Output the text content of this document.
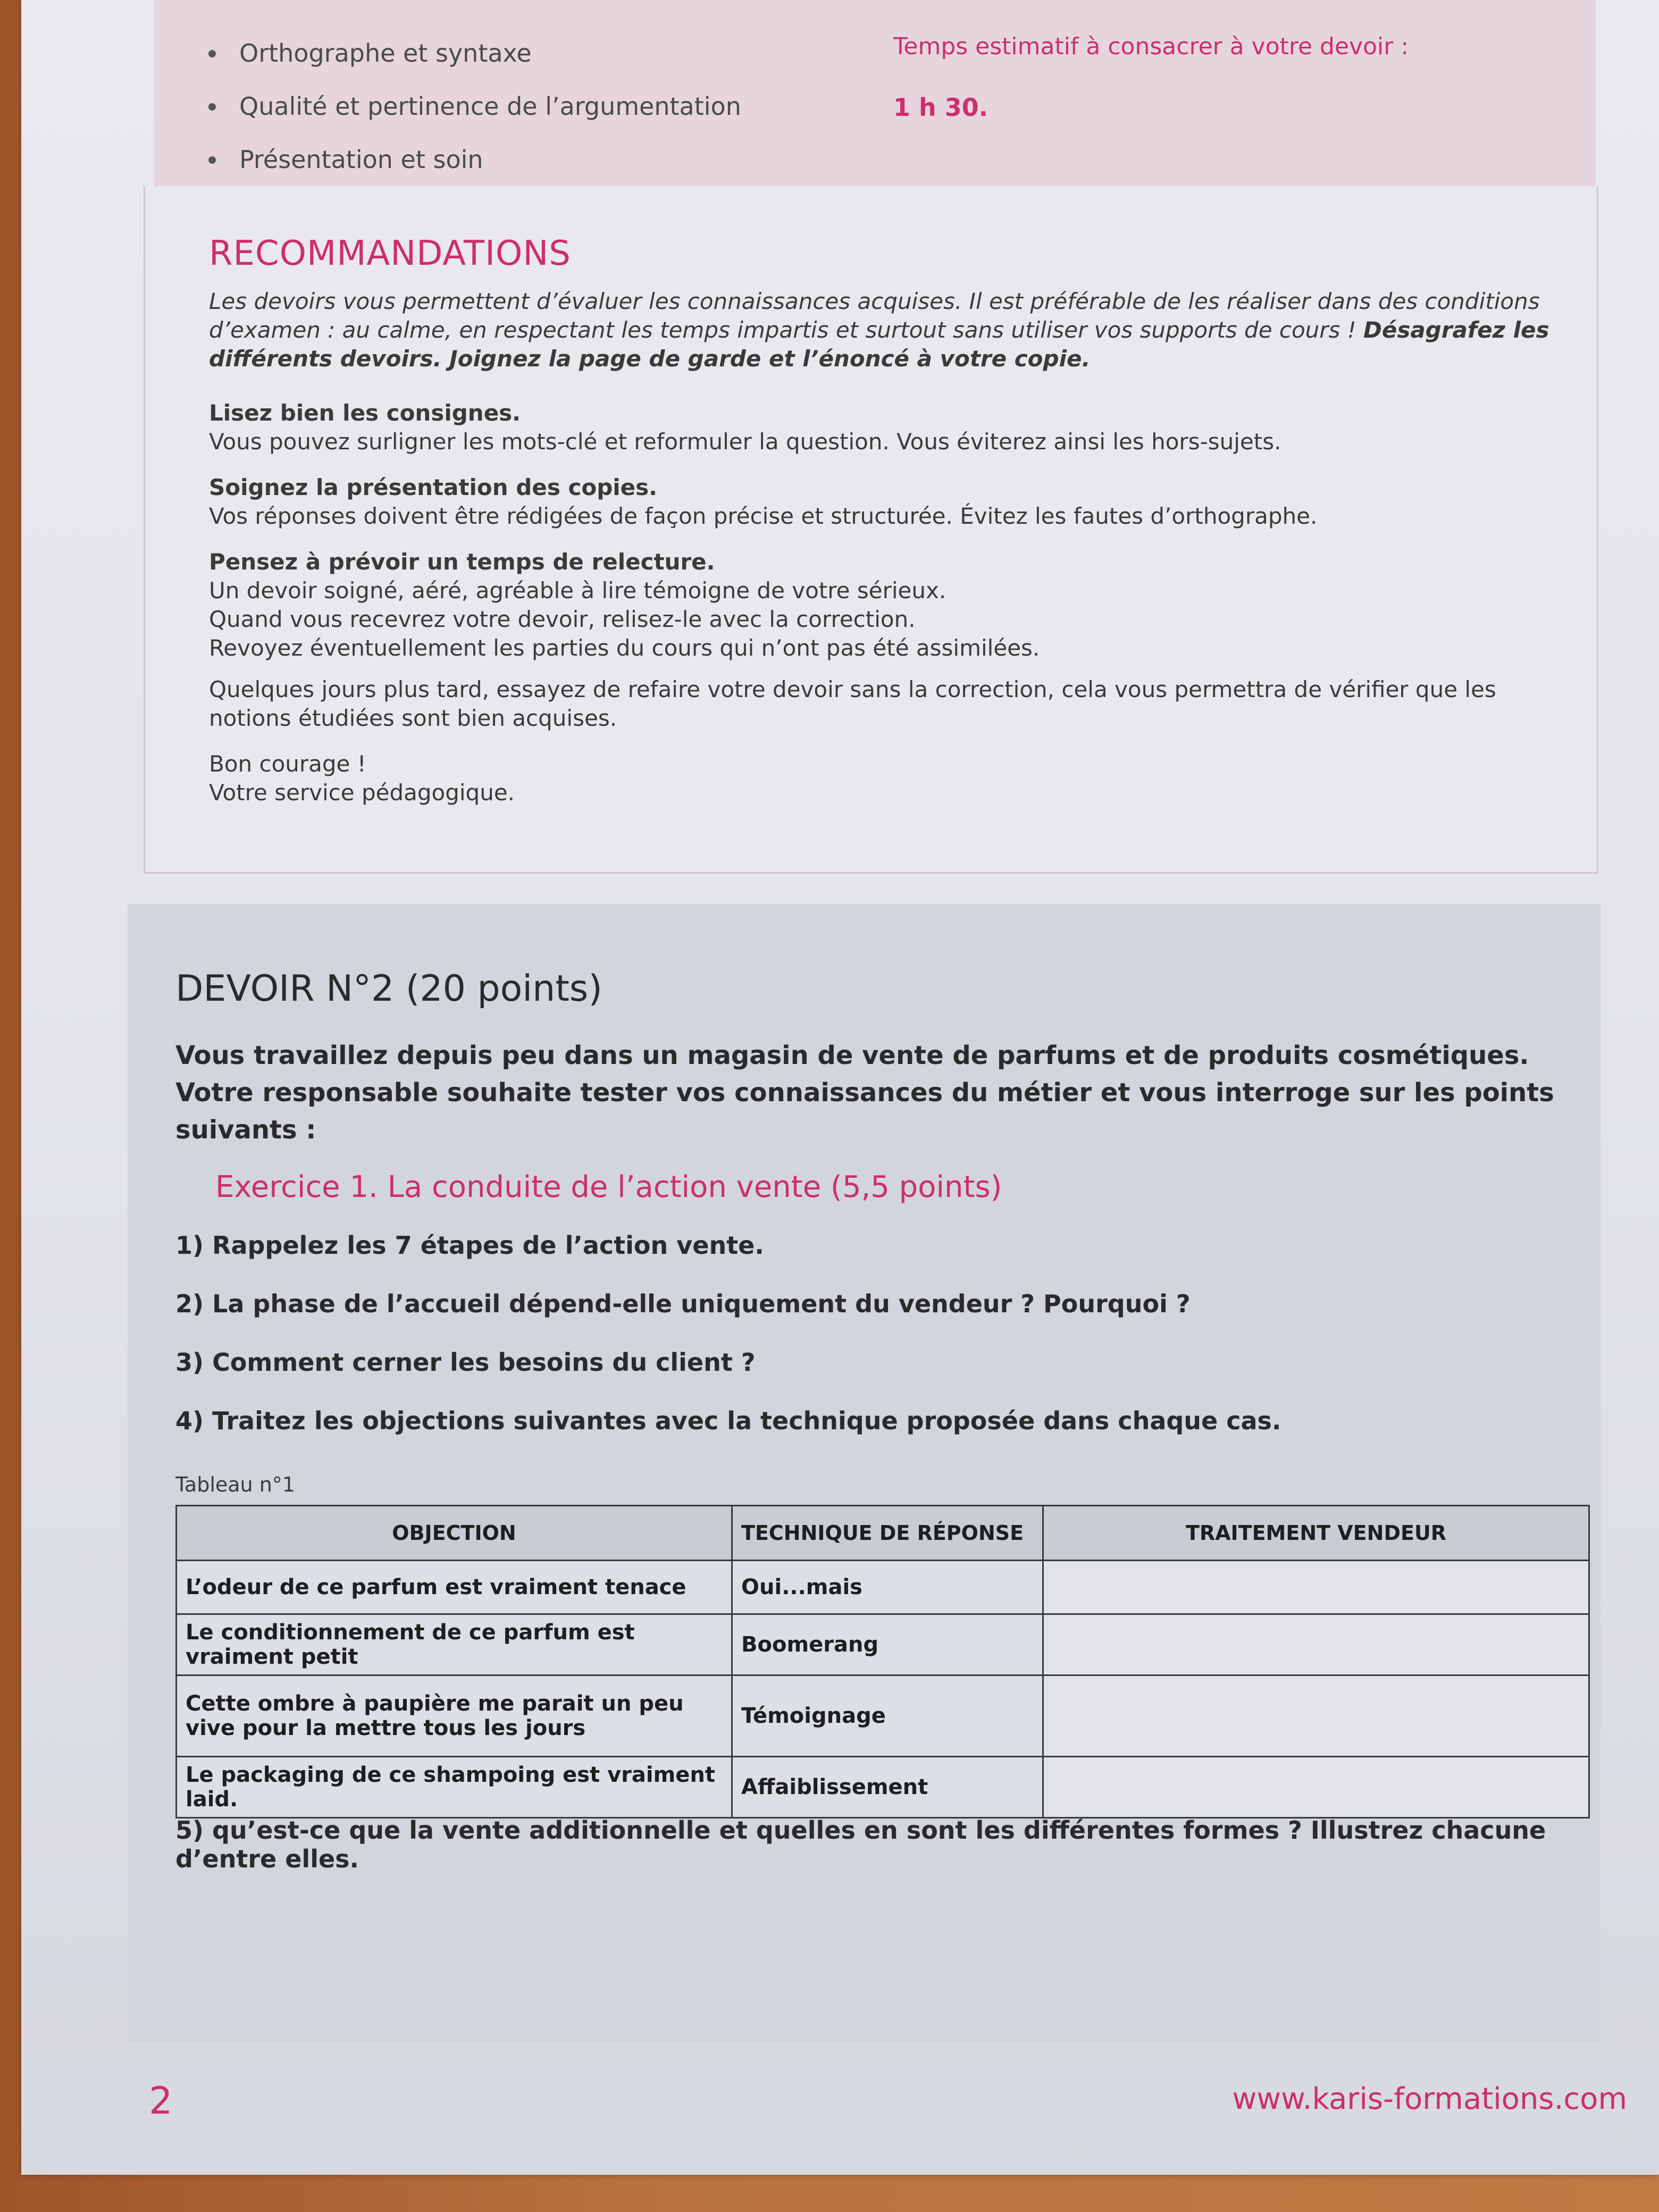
Orthographe et syntaxe
Qualité et pertinence de l’argumentation
Présentation et soin
Temps estimatif à consacrer à votre devoir :
1 h 30.
RECOMMANDATIONS
Les devoirs vous permettent d’évaluer les connaissances acquises. Il est préférable de les réaliser dans des conditions d’examen : au calme, en respectant les temps impartis et surtout sans utiliser vos supports de cours ! Désagrafez les différents devoirs. Joignez la page de garde et l’énoncé à votre copie.
Lisez bien les consignes.
Vous pouvez surligner les mots-clé et reformuler la question. Vous éviterez ainsi les hors-sujets.
Soignez la présentation des copies.
Vos réponses doivent être rédigées de façon précise et structurée. Évitez les fautes d’orthographe.
Pensez à prévoir un temps de relecture.
Un devoir soigné, aéré, agréable à lire témoigne de votre sérieux.
Quand vous recevrez votre devoir, relisez-le avec la correction.
Revoyez éventuellement les parties du cours qui n’ont pas été assimilées.
Quelques jours plus tard, essayez de refaire votre devoir sans la correction, cela vous permettra de vérifier que les notions étudiées sont bien acquises.
Bon courage !
Votre service pédagogique.
DEVOIR N°2 (20 points)
Vous travaillez depuis peu dans un magasin de vente de parfums et de produits cosmétiques. Votre responsable souhaite tester vos connaissances du métier et vous interroge sur les points suivants :
Exercice 1. La conduite de l’action vente (5,5 points)
1) Rappelez les 7 étapes de l’action vente.
2) La phase de l’accueil dépend-elle uniquement du vendeur ? Pourquoi ?
3) Comment cerner les besoins du client ?
4) Traitez les objections suivantes avec la technique proposée dans chaque cas.
Tableau n°1
OBJECTION	TECHNIQUE DE RÉPONSE	TRAITEMENT VENDEUR
L’odeur de ce parfum est vraiment tenace	Oui...mais	
Le conditionnement de ce parfum est vraiment petit	Boomerang	
Cette ombre à paupière me parait un peu vive pour la mettre tous les jours	Témoignage	
Le packaging de ce shampoing est vraiment laid.	Affaiblissement	
5) qu’est-ce que la vente additionnelle et quelles en sont les différentes formes ? Illustrez chacune d’entre elles.
2	www.karis-formations.com
